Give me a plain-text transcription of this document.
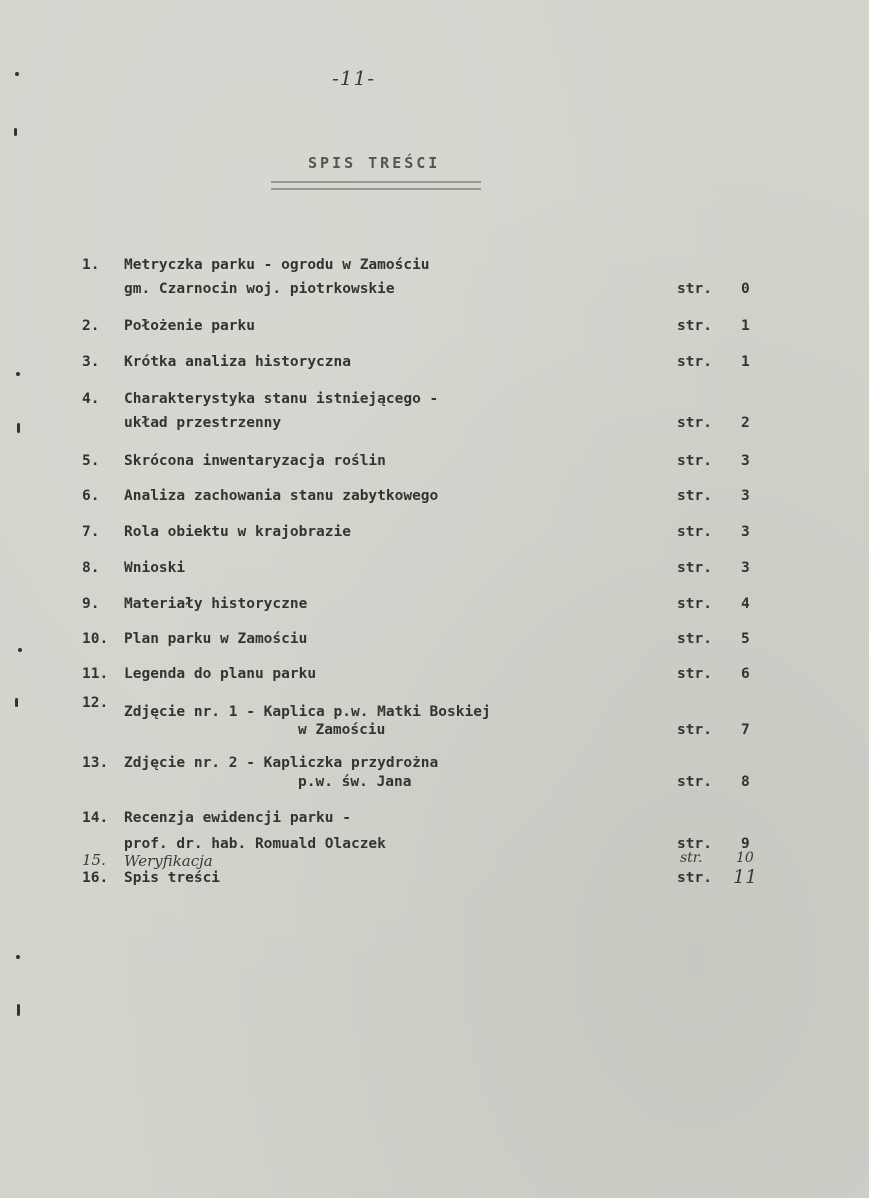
-11-
SPIS TREŚCI
1.	Metryczka parku - ogrodu w Zamościu
gm. Czarnocin woj. piotrkowskie	str. 0
2.	Położenie parku	str. 1
3.	Krótka analiza historyczna	str. 1
4.	Charakterystyka stanu istniejącego -
układ przestrzenny	str. 2
5.	Skrócona inwentaryzacja roślin	str. 3
6.	Analiza zachowania stanu zabytkowego	str. 3
7.	Rola obiektu w krajobrazie	str. 3
8.	Wnioski	str. 3
9.	Materiały historyczne	str. 4
10.	Plan parku w Zamościu	str. 5
11.	Legenda do planu parku	str. 6
12.
Zdjęcie nr. 1 - Kaplica p.w. Matki Boskiej
w Zamościu	str. 7
13.	Zdjęcie nr. 2 - Kapliczka przydrożna
p.w. św. Jana	str. 8
14.	Recenzja ewidencji parku -
prof. dr. hab. Romuald Olaczek	str. 9
15. Weryfikacja	str. 10
16.	Spis treści	str. 11
